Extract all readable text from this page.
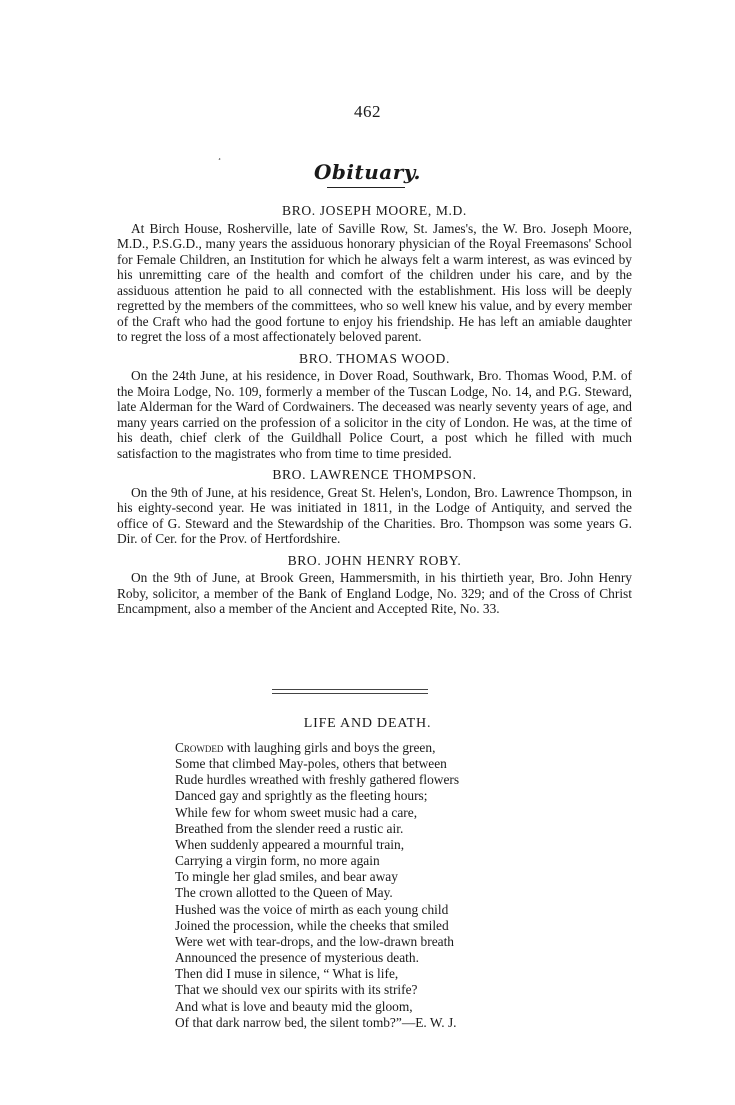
462
¸
Obituary.

BRO. JOSEPH MOORE, M.D.

At Birch House, Rosherville, late of Saville Row, St. James's, the W. Bro. Joseph Moore, M.D., P.S.G.D., many years the assiduous honorary physician of the Royal Freemasons' School for Female Children, an Institution for which he always felt a warm interest, as was evinced by his unremitting care of the health and comfort of the children under his care, and by the assiduous attention he paid to all connected with the establishment. His loss will be deeply regretted by the members of the committees, who so well knew his value, and by every member of the Craft who had the good fortune to enjoy his friendship. He has left an amiable daughter to regret the loss of a most affectionately beloved parent.

BRO. THOMAS WOOD.

On the 24th June, at his residence, in Dover Road, Southwark, Bro. Thomas Wood, P.M. of the Moira Lodge, No. 109, formerly a member of the Tuscan Lodge, No. 14, and P.G. Steward, late Alderman for the Ward of Cordwainers. The deceased was nearly seventy years of age, and many years carried on the profession of a solicitor in the city of London. He was, at the time of his death, chief clerk of the Guildhall Police Court, a post which he filled with much satisfaction to the magistrates who from time to time presided.

BRO. LAWRENCE THOMPSON.

On the 9th of June, at his residence, Great St. Helen's, London, Bro. Lawrence Thompson, in his eighty-second year. He was initiated in 1811, in the Lodge of Antiquity, and served the office of G. Steward and the Stewardship of the Charities. Bro. Thompson was some years G. Dir. of Cer. for the Prov. of Hertfordshire.

BRO. JOHN HENRY ROBY.

On the 9th of June, at Brook Green, Hammersmith, in his thirtieth year, Bro. John Henry Roby, solicitor, a member of the Bank of England Lodge, No. 329; and of the Cross of Christ Encampment, also a member of the Ancient and Accepted Rite, No. 33.

LIFE AND DEATH.
Crowded with laughing girls and boys the green,
Some that climbed May-poles, others that between
Rude hurdles wreathed with freshly gathered flowers
Danced gay and sprightly as the fleeting hours;
While few for whom sweet music had a care,
Breathed from the slender reed a rustic air.
When suddenly appeared a mournful train,
Carrying a virgin form, no more again
To mingle her glad smiles, and bear away
The crown allotted to the Queen of May.
Hushed was the voice of mirth as each young child
Joined the procession, while the cheeks that smiled
Were wet with tear-drops, and the low-drawn breath
Announced the presence of mysterious death.
Then did I muse in silence, “ What is life,
That we should vex our spirits with its strife?
And what is love and beauty mid the gloom,
Of that dark narrow bed, the silent tomb?”—E. W. J.
